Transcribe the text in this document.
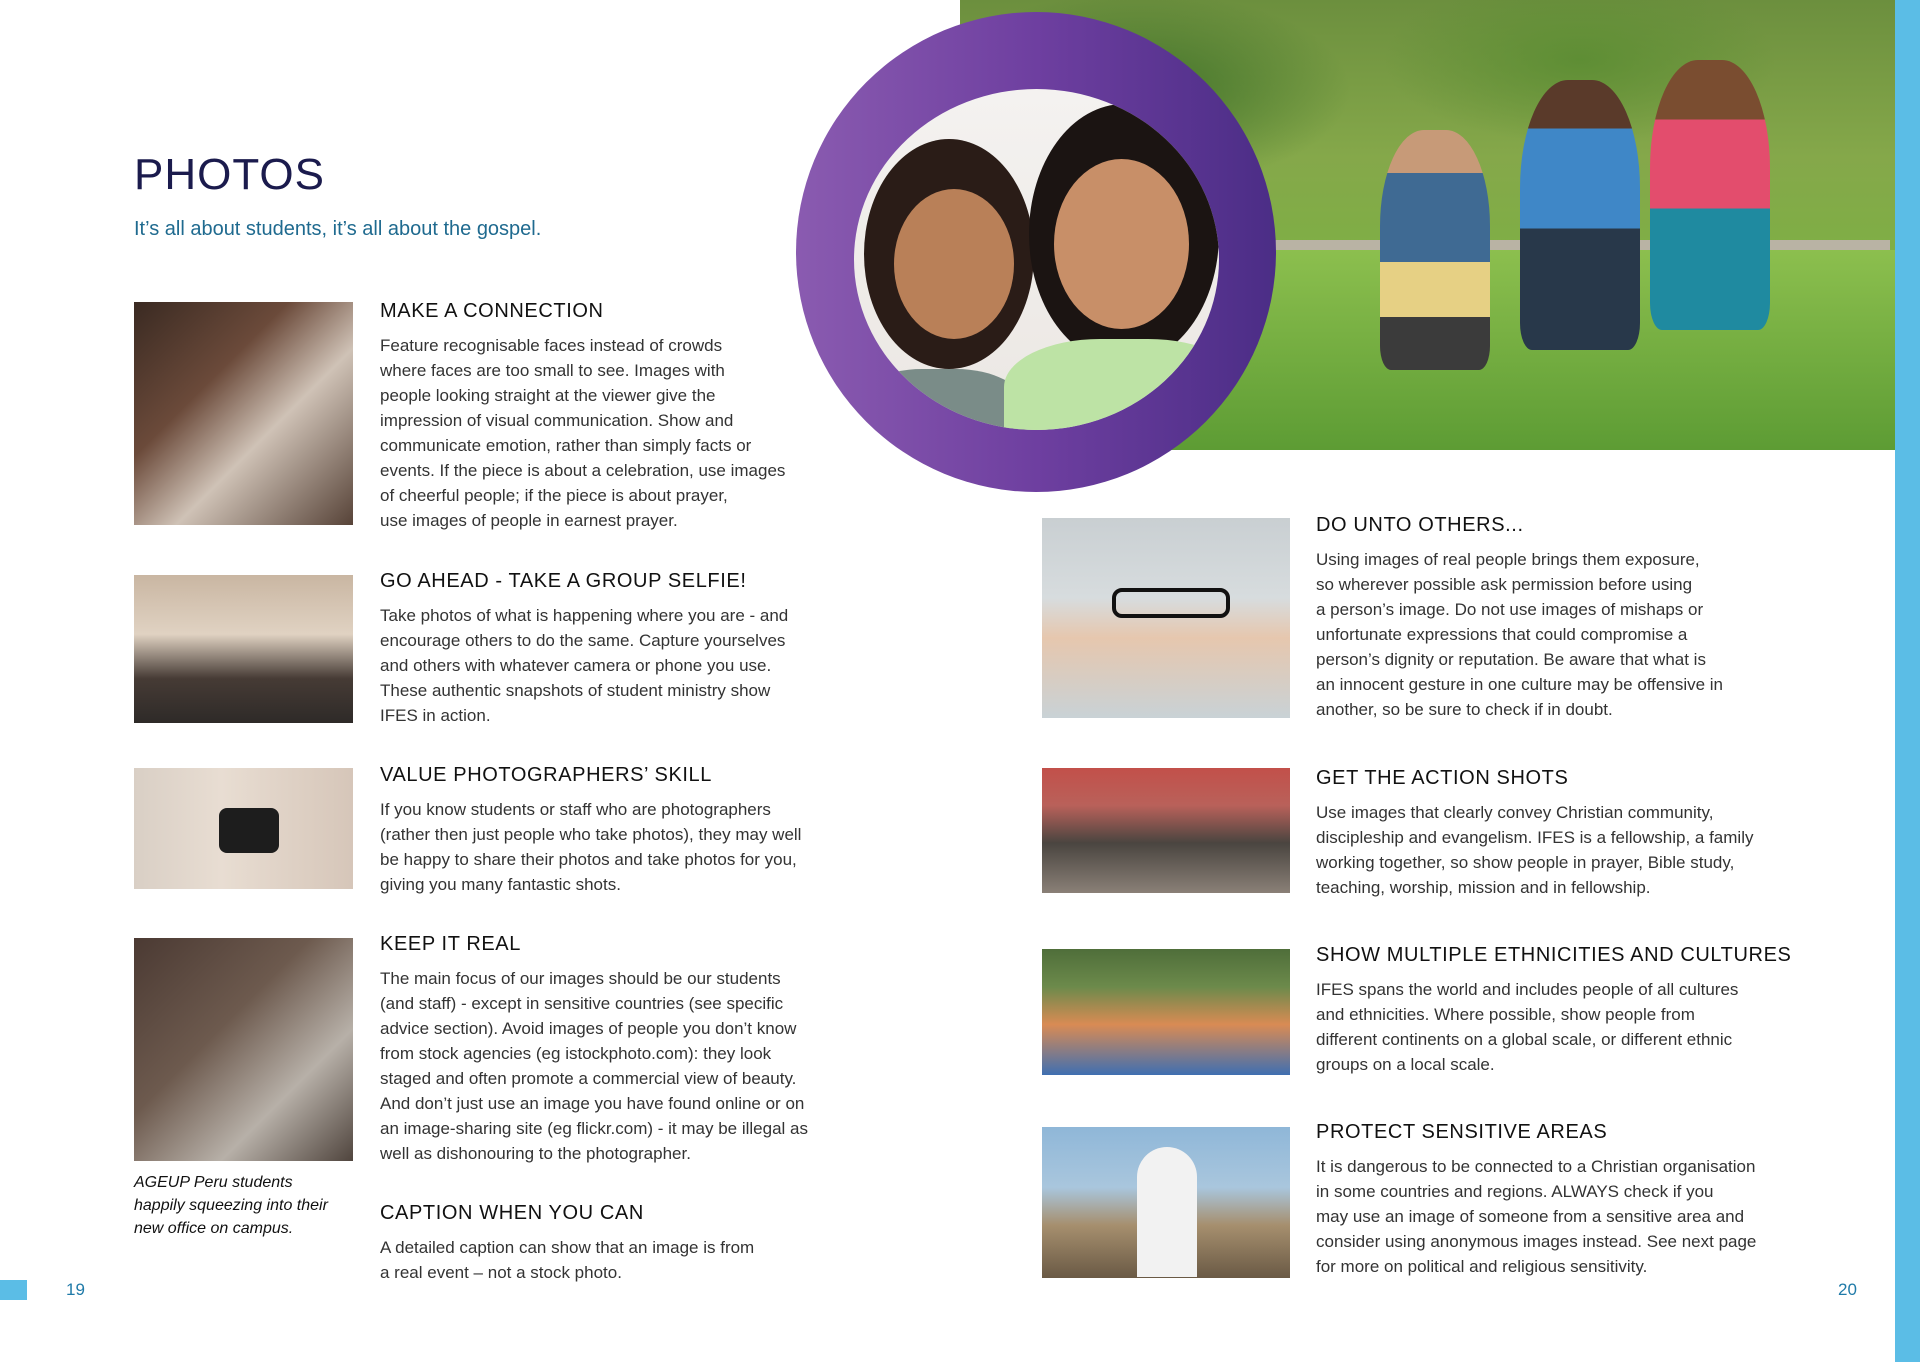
19	20
PHOTOS

It’s all about students, it’s all about the gospel.

MAKE A CONNECTION

Feature recognisable faces instead of crowds
where faces are too small to see. Images with
people looking straight at the viewer give the
impression of visual communication. Show and
communicate emotion, rather than simply facts or
events. If the piece is about a celebration, use images
of cheerful people; if the piece is about prayer,
use images of people in earnest prayer.

GO AHEAD - TAKE A GROUP SELFIE!

Take photos of what is happening where you are - and
encourage others to do the same. Capture yourselves
and others with whatever camera or phone you use.
These authentic snapshots of student ministry show
IFES in action.

VALUE PHOTOGRAPHERS’ SKILL

If you know students or staff who are photographers
(rather then just people who take photos), they may well
be happy to share their photos and take photos for you,
giving you many fantastic shots.

KEEP IT REAL

The main focus of our images should be our students
(and staff) - except in sensitive countries (see specific
advice section). Avoid images of people you don’t know
from stock agencies (eg istockphoto.com): they look
staged and often promote a commercial view of beauty.
And don’t just use an image you have found online or on
an image-sharing site (eg flickr.com) - it may be illegal as
well as dishonouring to the photographer.

CAPTION WHEN YOU CAN

A detailed caption can show that an image is from
a real event – not a stock photo.

AGEUP Peru students
happily squeezing into their
new office on campus.
DO UNTO OTHERS...

Using images of real people brings them exposure,
so wherever possible ask permission before using
a person’s image. Do not use images of mishaps or
unfortunate expressions that could compromise a
person’s dignity or reputation. Be aware that what is
an innocent gesture in one culture may be offensive in
another, so be sure to check if in doubt.

GET THE ACTION SHOTS

Use images that clearly convey Christian community,
discipleship and evangelism. IFES is a fellowship, a family
working together, so show people in prayer, Bible study,
teaching, worship, mission and in fellowship.

SHOW MULTIPLE ETHNICITIES AND CULTURES

IFES spans the world and includes people of all cultures
and ethnicities. Where possible, show people from
different continents on a global scale, or different ethnic
groups on a local scale.

PROTECT SENSITIVE AREAS

It is dangerous to be connected to a Christian organisation
in some countries and regions. ALWAYS check if you
may use an image of someone from a sensitive area and
consider using anonymous images instead. See next page
for more on political and religious sensitivity.
